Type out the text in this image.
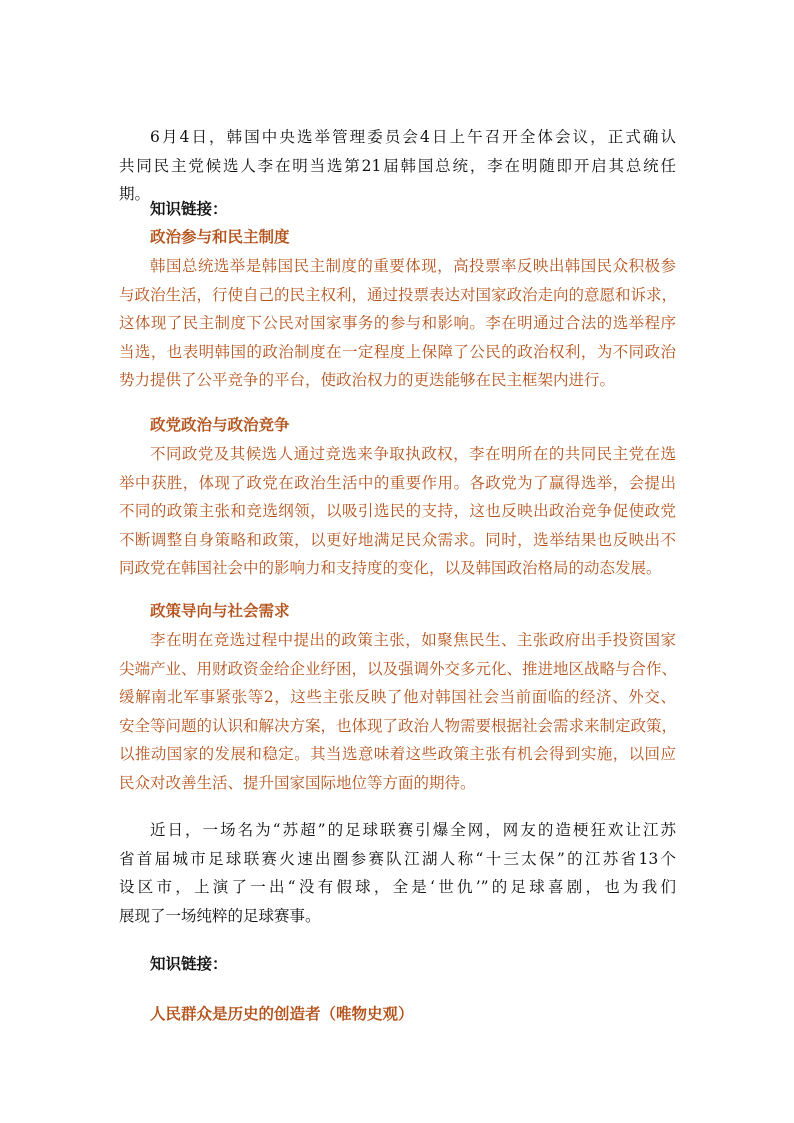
6月4日，韩国中央选举管理委员会4日上午召开全体会议，正式确认
共同民主党候选人李在明当选第21届韩国总统，李在明随即开启其总统任
期。
知识链接：
政治参与和民主制度
韩国总统选举是韩国民主制度的重要体现，高投票率反映出韩国民众积极参
与政治生活，行使自己的民主权利，通过投票表达对国家政治走向的意愿和诉求，
这体现了民主制度下公民对国家事务的参与和影响。李在明通过合法的选举程序
当选，也表明韩国的政治制度在一定程度上保障了公民的政治权利，为不同政治
势力提供了公平竞争的平台，使政治权力的更迭能够在民主框架内进行。
政党政治与政治竞争
不同政党及其候选人通过竞选来争取执政权，李在明所在的共同民主党在选
举中获胜，体现了政党在政治生活中的重要作用。各政党为了赢得选举，会提出
不同的政策主张和竞选纲领，以吸引选民的支持，这也反映出政治竞争促使政党
不断调整自身策略和政策，以更好地满足民众需求。同时，选举结果也反映出不
同政党在韩国社会中的影响力和支持度的变化，以及韩国政治格局的动态发展。
政策导向与社会需求
李在明在竞选过程中提出的政策主张，如聚焦民生、主张政府出手投资国家
尖端产业、用财政资金给企业纾困，以及强调外交多元化、推进地区战略与合作、
缓解南北军事紧张等2，这些主张反映了他对韩国社会当前面临的经济、外交、
安全等问题的认识和解决方案，也体现了政治人物需要根据社会需求来制定政策，
以推动国家的发展和稳定。其当选意味着这些政策主张有机会得到实施，以回应
民众对改善生活、提升国家国际地位等方面的期待。
近日，一场名为“苏超”的足球联赛引爆全网，网友的造梗狂欢让江苏
省首届城市足球联赛火速出圈参赛队江湖人称“十三太保”的江苏省13个
设区市，上演了一出“没有假球，全是‘世仇’”的足球喜剧，也为我们
展现了一场纯粹的足球赛事。
知识链接：
人民群众是历史的创造者（唯物史观）
